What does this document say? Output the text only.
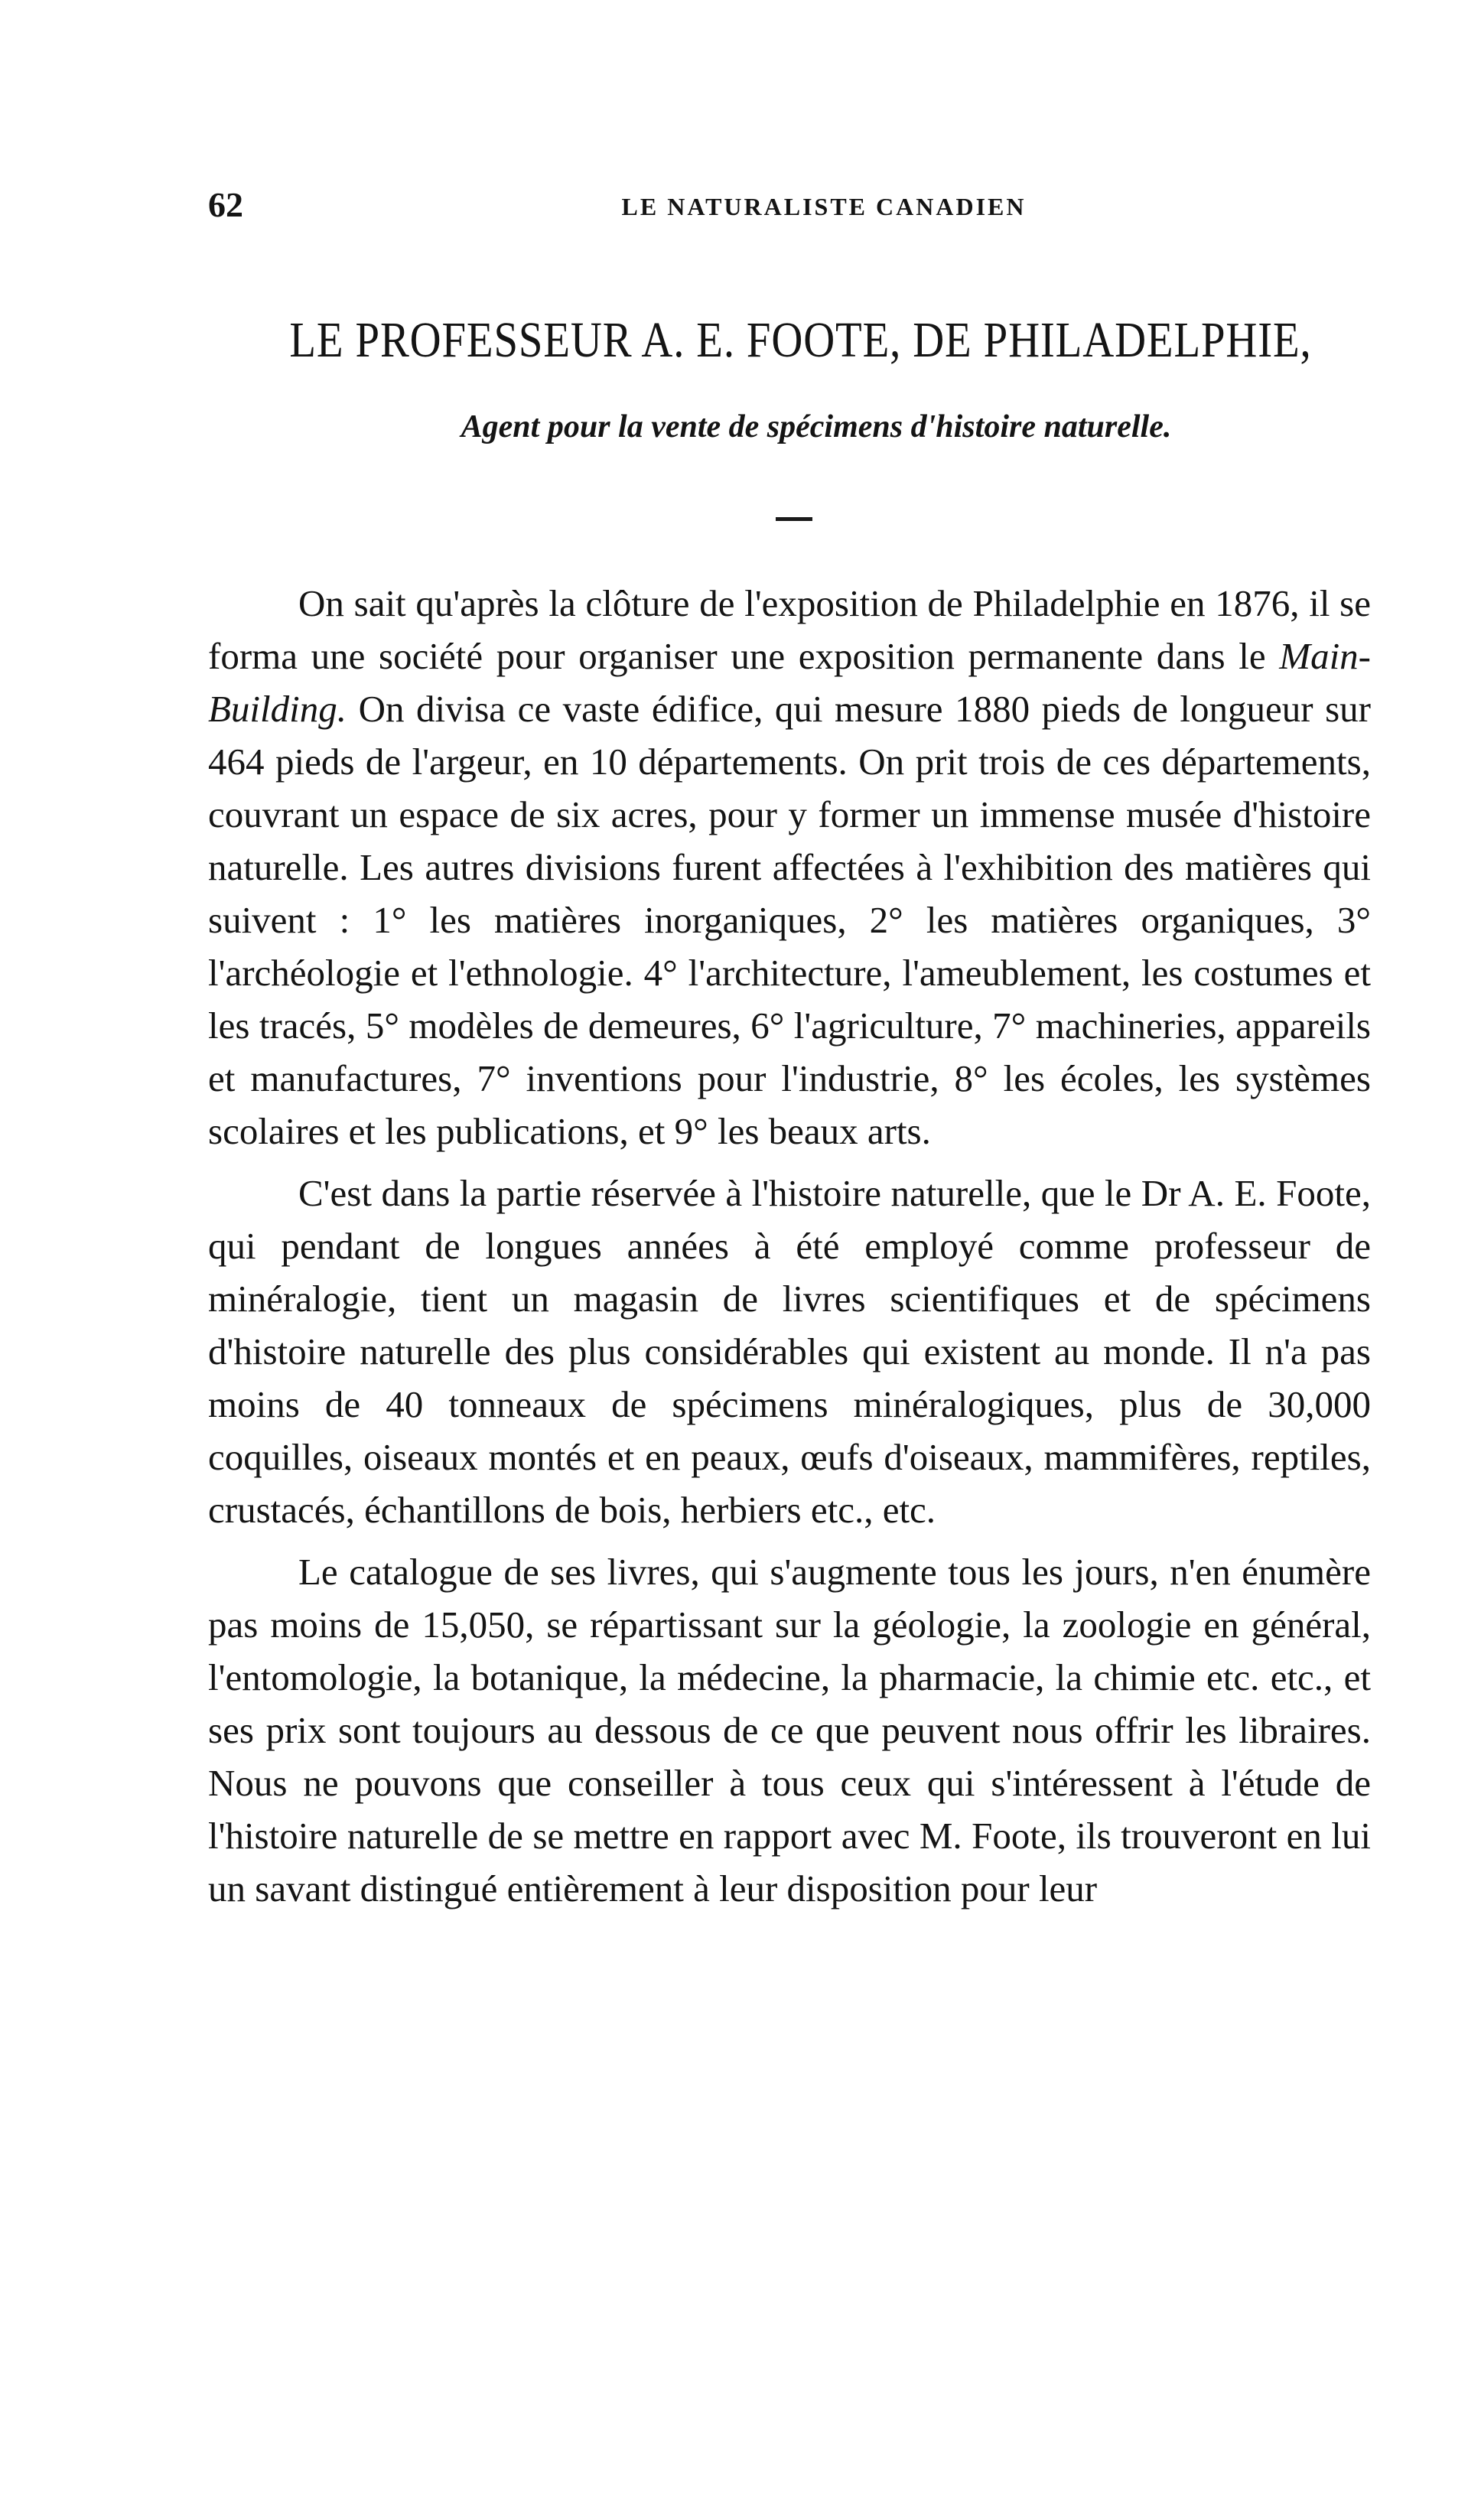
62	LE NATURALISTE CANADIEN
LE PROFESSEUR A. E. FOOTE, DE PHILADELPHIE,
Agent pour la vente de spécimens d'histoire naturelle.

On sait qu'après la clôture de l'exposition de Philadelphie en 1876, il se forma une société pour organiser une exposition permanente dans le Main-Building. On divisa ce vaste édifice, qui mesure 1880 pieds de longueur sur 464 pieds de l'argeur, en 10 départements. On prit trois de ces départements, couvrant un espace de six acres, pour y former un immense musée d'histoire naturelle. Les autres divisions furent affectées à l'exhibition des matières qui suivent : 1° les matières inorganiques, 2° les matières organiques, 3° l'archéologie et l'ethnologie. 4° l'architecture, l'ameublement, les costumes et les tracés, 5° modèles de demeures, 6° l'agriculture, 7° machineries, appareils et manufactures, 7° inventions pour l'industrie, 8° les écoles, les systèmes scolaires et les publications, et 9° les beaux arts.

C'est dans la partie réservée à l'histoire naturelle, que le Dr A. E. Foote, qui pendant de longues années à été employé comme professeur de minéralogie, tient un magasin de livres scientifiques et de spécimens d'histoire naturelle des plus considérables qui existent au monde. Il n'a pas moins de 40 tonneaux de spécimens minéralogiques, plus de 30,000 coquilles, oiseaux montés et en peaux, œufs d'oiseaux, mammifères, reptiles, crustacés, échantillons de bois, herbiers etc., etc.

Le catalogue de ses livres, qui s'augmente tous les jours, n'en énumère pas moins de 15,050, se répartissant sur la géologie, la zoologie en général, l'entomologie, la botanique, la médecine, la pharmacie, la chimie etc. etc., et ses prix sont toujours au dessous de ce que peuvent nous offrir les libraires. Nous ne pouvons que conseiller à tous ceux qui s'intéressent à l'étude de l'histoire naturelle de se mettre en rapport avec M. Foote, ils trouveront en lui un savant distingué entièrement à leur disposition pour leur
